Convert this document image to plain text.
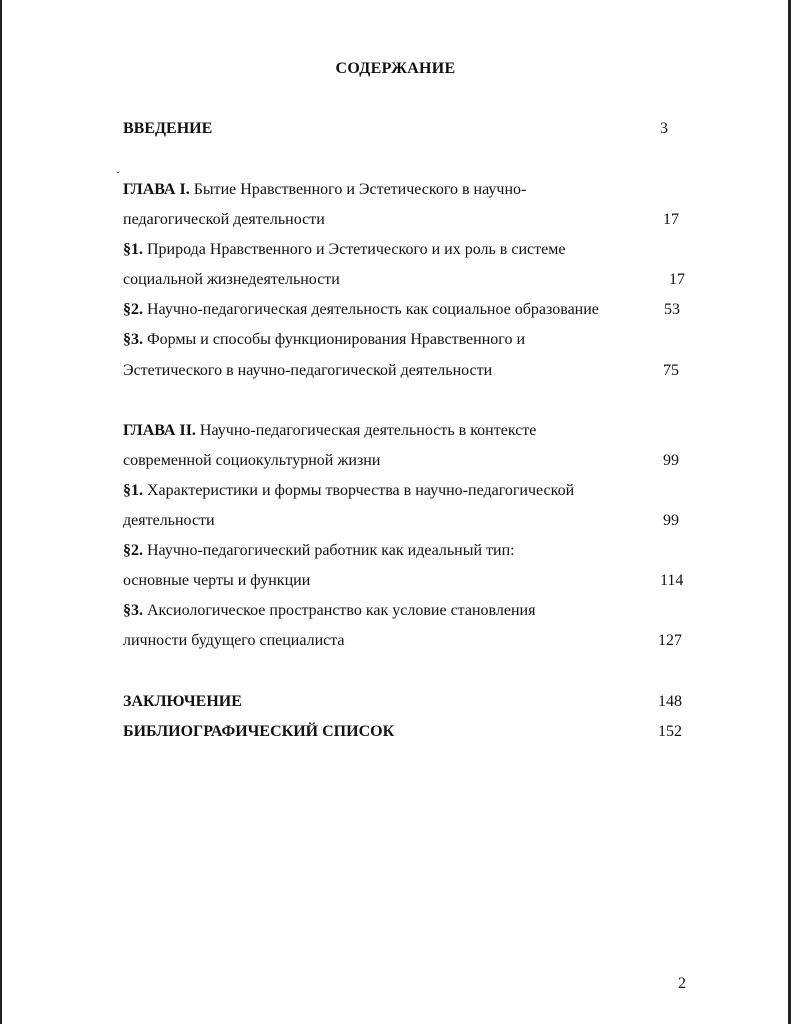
СОДЕРЖАНИЕ
ВВЕДЕНИЕ	3
ˇ
ГЛАВА I. Бытие Нравственного и Эстетического в научно-
педагогической деятельности	17
§1. Природа Нравственного и Эстетического и их роль в системе
социальной жизнедеятельности	17
§2. Научно-педагогическая деятельность как социальное образование	53
§3. Формы и способы функционирования Нравственного и
Эстетического в научно-педагогической деятельности	75
ГЛАВА II. Научно-педагогическая деятельность в контексте
современной социокультурной жизни	99
§1. Характеристики и формы творчества в научно-педагогической
деятельности	99
§2. Научно-педагогический работник как идеальный тип:
основные черты и функции	114
§3. Аксиологическое пространство как условие становления
личности будущего специалиста	127
ЗАКЛЮЧЕНИЕ	148
БИБЛИОГРАФИЧЕСКИЙ СПИСОК	152
2
